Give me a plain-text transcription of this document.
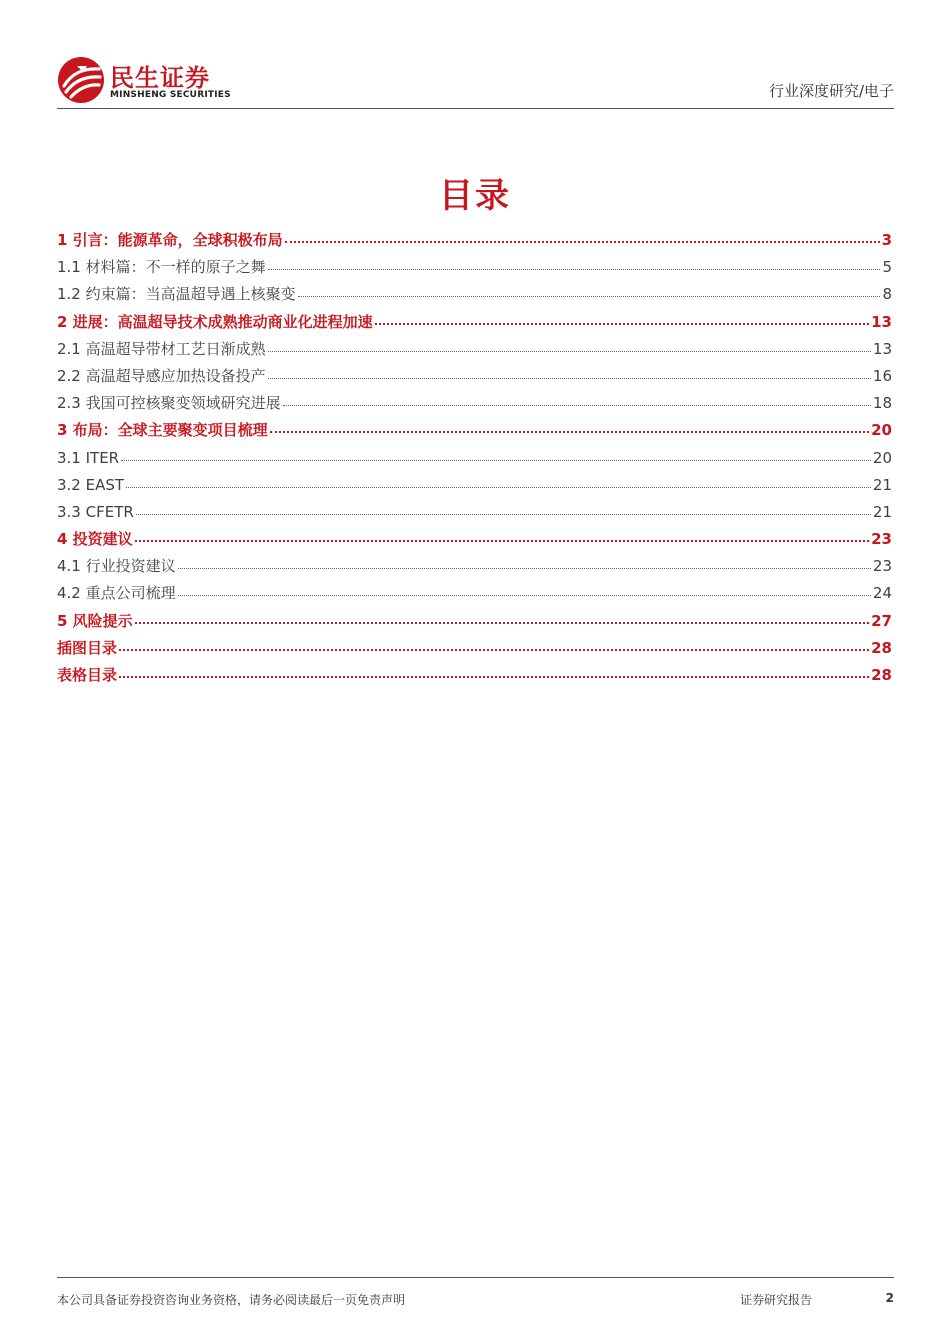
民生证券
MINSHENG SECURITIES	行业深度研究/电子
目录
1 引言：能源革命，全球积极布局	3
1.1 材料篇：不一样的原子之舞	5
1.2 约束篇：当高温超导遇上核聚变	8
2 进展：高温超导技术成熟推动商业化进程加速	13
2.1 高温超导带材工艺日渐成熟	13
2.2 高温超导感应加热设备投产	16
2.3 我国可控核聚变领域研究进展	18
3 布局：全球主要聚变项目梳理	20
3.1 ITER	20
3.2 EAST	21
3.3 CFETR	21
4 投资建议	23
4.1 行业投资建议	23
4.2 重点公司梳理	24
5 风险提示	27
插图目录	28
表格目录	28
本公司具备证券投资咨询业务资格，请务必阅读最后一页免责声明	证券研究报告	2
